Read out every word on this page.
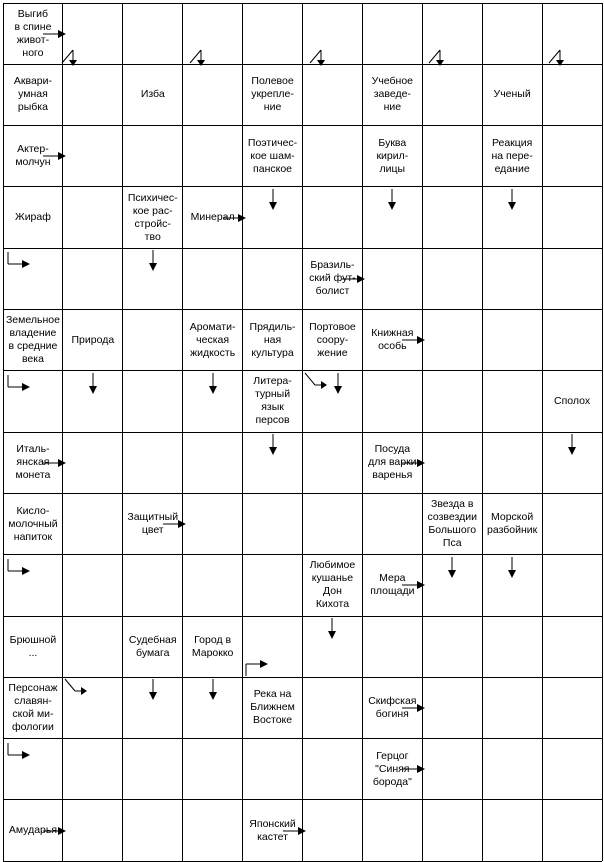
Выгиб
в спине
живот-
ного
Аквари-
умная
рыбка
Изба
Полевое
укрепле-
ние
Учебное
заведе-
ние
Ученый
Актер-
молчун
Поэтичес-
кое шам-
панское
Буква
кирил-
лицы
Реакция
на пере-
едание
Жираф
Психичес-
кое рас-
стройс-
тво
Минерал
Бразиль-
ский фут-
болист
Земельное
владение
в средние
века
Природа
Аромати-
ческая
жидкость
Прядиль-
ная
культура
Портовое
соору-
жение
Книжная
особь
Литера-
турный
язык
персов
Сполох
Италь-
янская
монета
Посуда
для варки
варенья
Кисло-
молочный
напиток
Защитный
цвет
Звезда в
созвездии
Большого
Пса
Морской
разбойник
Любимое
кушанье
Дон
Кихота
Мера
площади
Брюшной
...
Судебная
бумага
Город в
Марокко
Персонаж
славян-
ской ми-
фологии
Река на
Ближнем
Востоке
Скифская
богиня
Герцог
"Синяя
борода"
Амударья
Японский
кастет
